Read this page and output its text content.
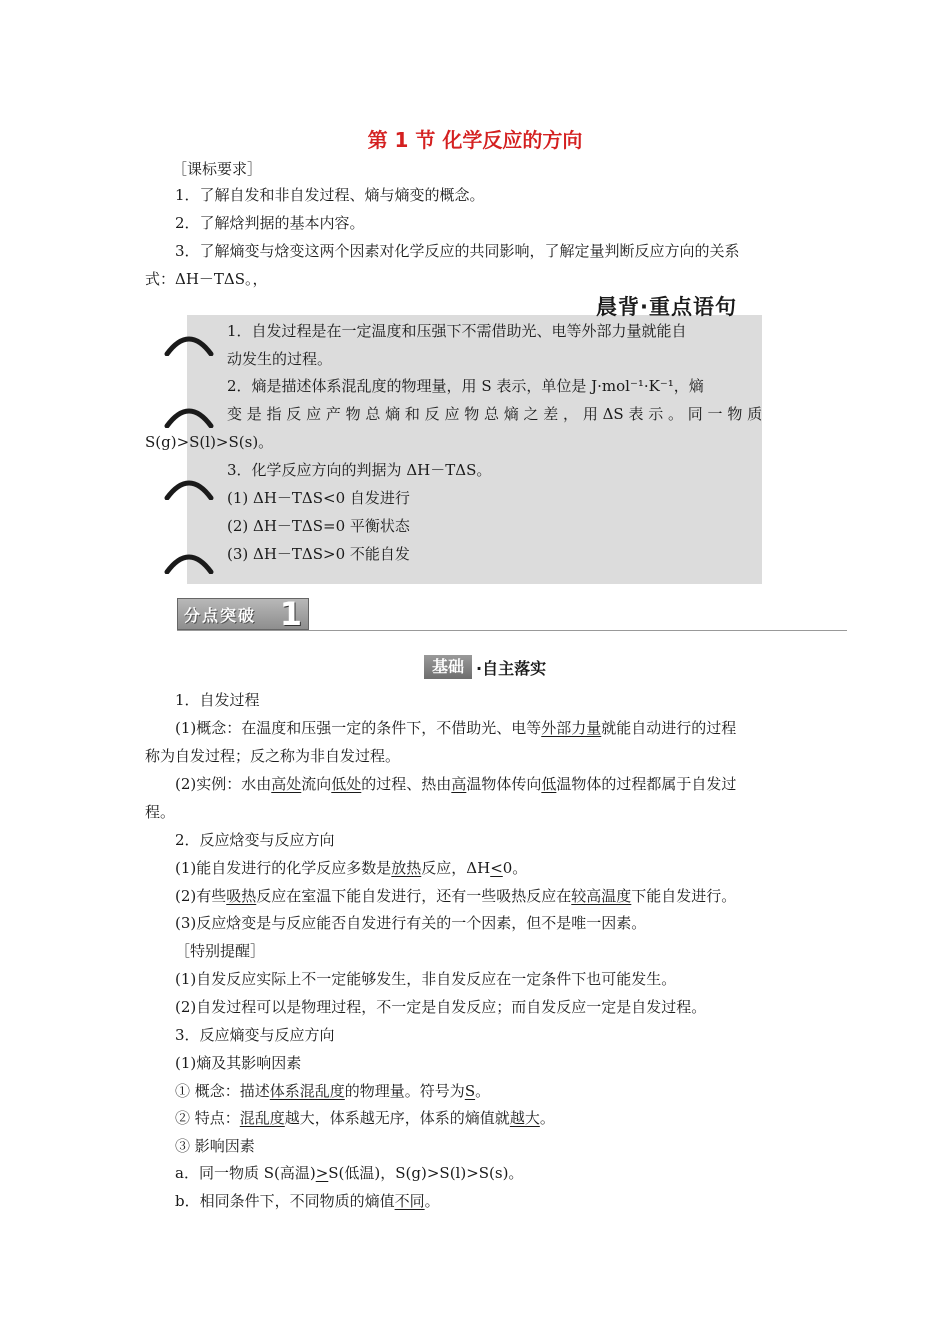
第 1 节 化学反应的方向
［课标要求］
1．了解自发和非自发过程、熵与熵变的概念。
2．了解焓判据的基本内容。
3．了解熵变与焓变这两个因素对化学反应的共同影响，了解定量判断反应方向的关系
式：ΔH－TΔS。，
晨背·重点语句
1．自发过程是在一定温度和压强下不需借助光、电等外部力量就能自
动发生的过程。
2．熵是描述体系混乱度的物理量，用 S 表示，单位是 J·mol⁻¹·K⁻¹，熵
变 是 指 反 应 产 物 总 熵 和 反 应 物 总 熵 之 差 ， 用 ΔS 表 示 。 同 一 物 质
S(g)>S(l)>S(s)。
3．化学反应方向的判据为 ΔH－TΔS。
(1) ΔH－TΔS<0 自发进行
(2) ΔH－TΔS=0 平衡状态
(3) ΔH－TΔS>0 不能自发
分点突破 1
基础 ·自主落实
1．自发过程
(1)概念：在温度和压强一定的条件下，不借助光、电等外部力量就能自动进行的过程
称为自发过程；反之称为非自发过程。
(2)实例：水由高处流向低处的过程、热由高温物体传向低温物体的过程都属于自发过
程。
2．反应焓变与反应方向
(1)能自发进行的化学反应多数是放热反应，ΔH<0。
(2)有些吸热反应在室温下能自发进行，还有一些吸热反应在较高温度下能自发进行。
(3)反应焓变是与反应能否自发进行有关的一个因素，但不是唯一因素。
［特别提醒］
(1)自发反应实际上不一定能够发生，非自发反应在一定条件下也可能发生。
(2)自发过程可以是物理过程，不一定是自发反应；而自发反应一定是自发过程。
3．反应熵变与反应方向
(1)熵及其影响因素
① 概念：描述体系混乱度的物理量。符号为S。
② 特点：混乱度越大，体系越无序，体系的熵值就越大。
③ 影响因素
a．同一物质 S(高温)>S(低温)，S(g)>S(l)>S(s)。
b．相同条件下，不同物质的熵值不同。
